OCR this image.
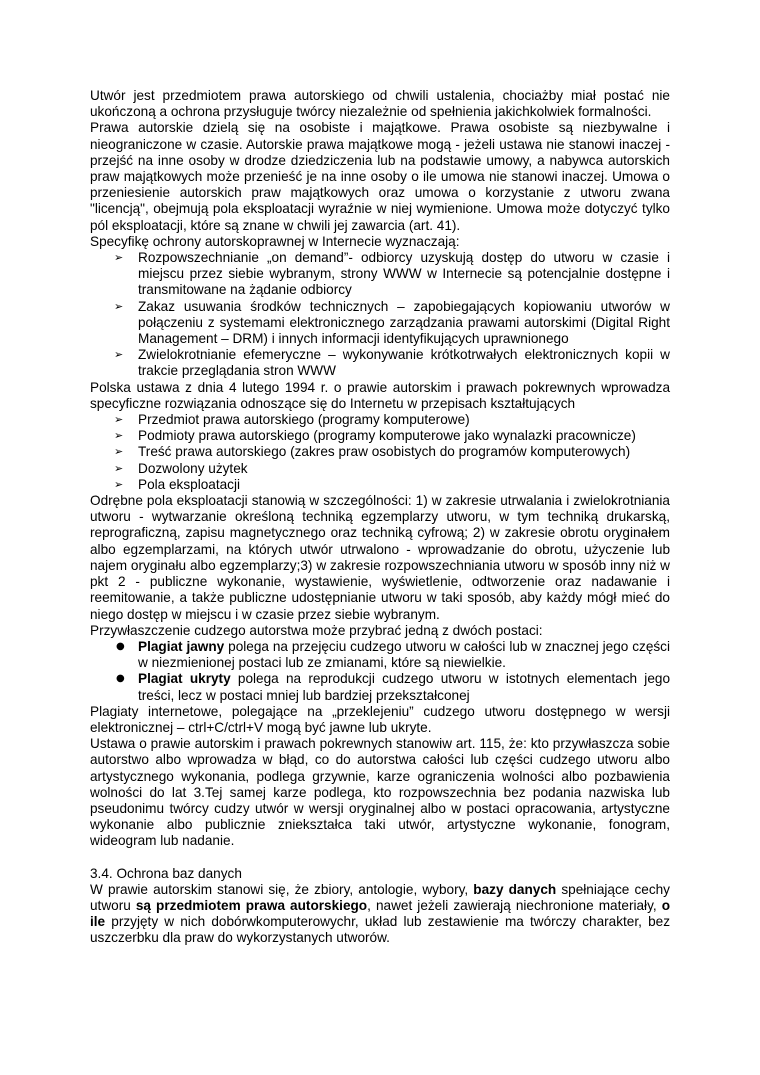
Utwór jest przedmiotem prawa autorskiego od chwili ustalenia, chociażby miał postać nie ukończoną a ochrona przysługuje twórcy niezależnie od spełnienia jakichkolwiek formalności.

Prawa autorskie dzielą się na osobiste i majątkowe. Prawa osobiste są niezbywalne i nieograniczone w czasie. Autorskie prawa majątkowe mogą - jeżeli ustawa nie stanowi inaczej - przejść na inne osoby w drodze dziedziczenia lub na podstawie umowy, a nabywca autorskich praw majątkowych może przenieść je na inne osoby o ile umowa nie stanowi inaczej. Umowa o przeniesienie autorskich praw majątkowych oraz umowa o korzystanie z utworu zwana "licencją", obejmują pola eksploatacji wyraźnie w niej wymienione. Umowa może dotyczyć tylko pól eksploatacji, które są znane w chwili jej zawarcia (art. 41).

Specyfikę ochrony autorskoprawnej w Internecie wyznaczają:

➢ Rozpowszechnianie „on demand”- odbiorcy uzyskują dostęp do utworu w czasie i miejscu przez siebie wybranym, strony WWW w Internecie są potencjalnie dostępne i transmitowane na żądanie odbiorcy
➢ Zakaz usuwania środków technicznych – zapobiegających kopiowaniu utworów w połączeniu z systemami elektronicznego zarządzania prawami autorskimi (Digital Right Management – DRM) i innych informacji identyfikujących uprawnionego
➢ Zwielokrotnianie efemeryczne – wykonywanie krótkotrwałych elektronicznych kopii w trakcie przeglądania stron WWW

Polska ustawa z dnia 4 lutego 1994 r. o prawie autorskim i prawach pokrewnych wprowadza specyficzne rozwiązania odnoszące się do Internetu w przepisach kształtujących

➢ Przedmiot prawa autorskiego (programy komputerowe)
➢ Podmioty prawa autorskiego (programy komputerowe jako wynalazki pracownicze)
➢ Treść prawa autorskiego (zakres praw osobistych do programów komputerowych)
➢ Dozwolony użytek
➢ Pola eksploatacji

Odrębne pola eksploatacji stanowią w szczególności: 1) w zakresie utrwalania i zwielokrotniania utworu - wytwarzanie określoną techniką egzemplarzy utworu, w tym techniką drukarską, reprograficzną, zapisu magnetycznego oraz techniką cyfrową; 2) w zakresie obrotu oryginałem albo egzemplarzami, na których utwór utrwalono - wprowadzanie do obrotu, użyczenie lub najem oryginału albo egzemplarzy;3) w zakresie rozpowszechniania utworu w sposób inny niż w pkt 2 - publiczne wykonanie, wystawienie, wyświetlenie, odtworzenie oraz nadawanie i reemitowanie, a także publiczne udostępnianie utworu w taki sposób, aby każdy mógł mieć do niego dostęp w miejscu i w czasie przez siebie wybranym.

Przywłaszczenie cudzego autorstwa może przybrać jedną z dwóch postaci:

● Plagiat jawny polega na przejęciu cudzego utworu w całości lub w znacznej jego części w niezmienionej postaci lub ze zmianami, które są niewielkie.
● Plagiat ukryty polega na reprodukcji cudzego utworu w istotnych elementach jego treści, lecz w postaci mniej lub bardziej przekształconej

Plagiaty internetowe, polegające na „przeklejeniu” cudzego utworu dostępnego w wersji elektronicznej – ctrl+C/ctrl+V mogą być jawne lub ukryte.

Ustawa o prawie autorskim i prawach pokrewnych stanowiw art. 115, że: kto przywłaszcza sobie autorstwo albo wprowadza w błąd, co do autorstwa całości lub części cudzego utworu albo artystycznego wykonania, podlega grzywnie, karze ograniczenia wolności albo pozbawienia wolności do lat 3.Tej samej karze podlega, kto rozpowszechnia bez podania nazwiska lub pseudonimu twórcy cudzy utwór w wersji oryginalnej albo w postaci opracowania, artystyczne wykonanie albo publicznie zniekształca taki utwór, artystyczne wykonanie, fonogram, wideogram lub nadanie.

3.4. Ochrona baz danych

W prawie autorskim stanowi się, że zbiory, antologie, wybory, bazy danych spełniające cechy utworu są przedmiotem prawa autorskiego, nawet jeżeli zawierają niechronione materiały, o ile przyjęty w nich dobórwkomputerowychr, układ lub zestawienie ma twórczy charakter, bez uszczerbku dla praw do wykorzystanych utworów.
